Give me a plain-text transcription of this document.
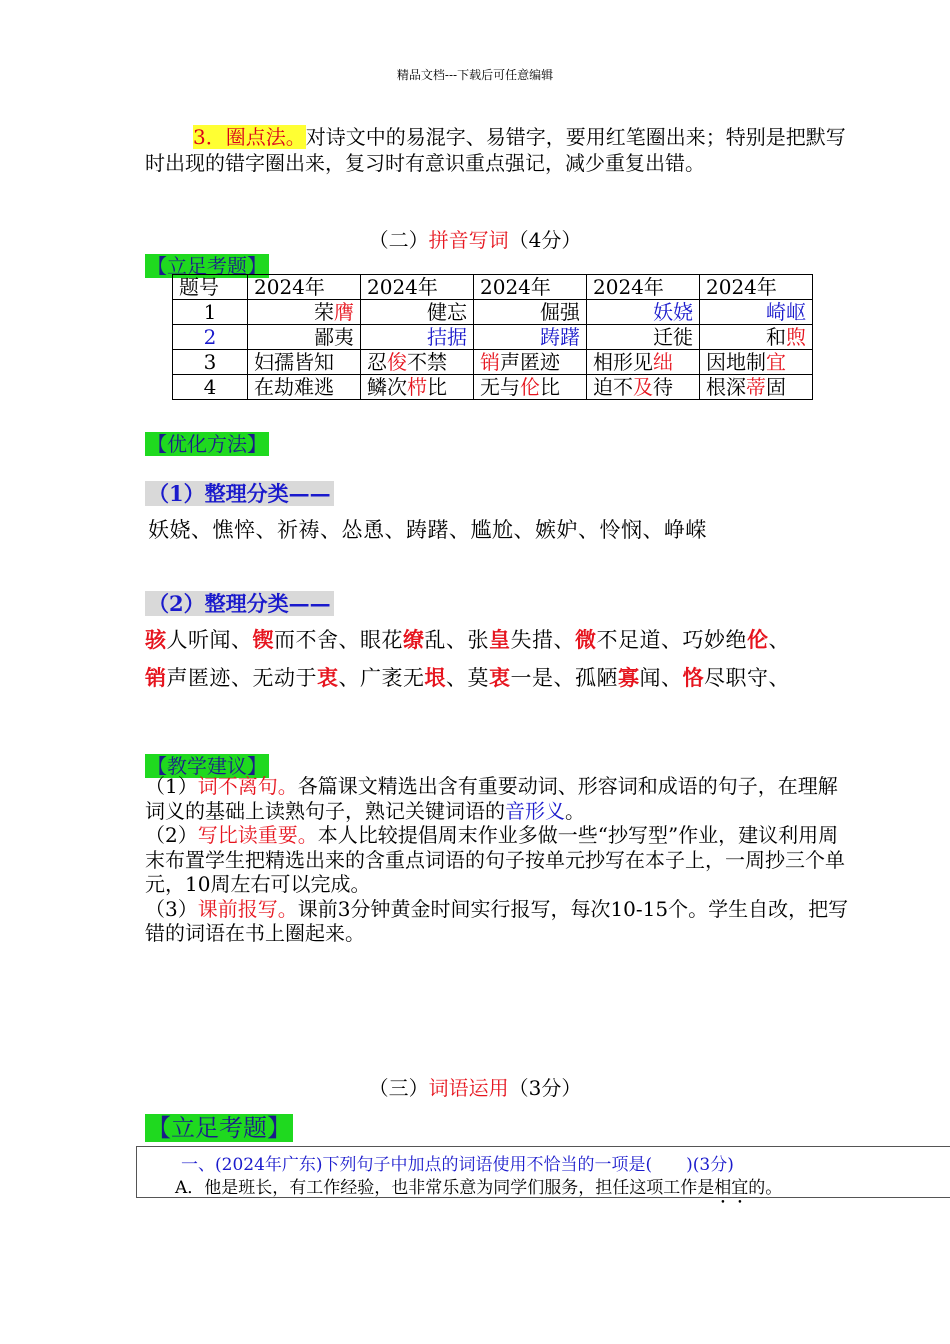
精品文档---下载后可任意编辑
3．圈点法。对诗文中的易混字、易错字，要用红笔圈出来；特别是把默写时出现的错字圈出来，复习时有意识重点强记，减少重复出错。
（二）拼音写词（4分）
【立足考题】
题号	2024年	2024年	2024年	2024年	2024年
1	荣膺	健忘	倔强	妖娆	崎岖
2	鄙夷	拮据	踌躇	迁徙	和煦
3	妇孺皆知	忍俊不禁	销声匿迹	相形见绌	因地制宜
4	在劫难逃	鳞次栉比	无与伦比	迫不及待	根深蒂固
【优化方法】
（1）整理分类——
妖娆、憔悴、祈祷、怂恿、踌躇、尴尬、嫉妒、怜悯、峥嵘
（2）整理分类——
骇人听闻、锲而不舍、眼花缭乱、张皇失措、微不足道、巧妙绝伦、
销声匿迹、无动于衷、广袤无垠、莫衷一是、孤陋寡闻、恪尽职守、
【教学建议】
（1）词不离句。各篇课文精选出含有重要动词、形容词和成语的句子，在理解词义的基础上读熟句子，熟记关键词语的音形义。
（2）写比读重要。本人比较提倡周末作业多做一些“抄写型”作业，建议利用周末布置学生把精选出来的含重点词语的句子按单元抄写在本子上，一周抄三个单元，10周左右可以完成。
（3）课前报写。课前3分钟黄金时间实行报写，每次10-15个。学生自改，把写错的词语在书上圈起来。
（三）词语运用（3分）
【立足考题】
一、(2024年广东)下列句子中加点的词语使用不恰当的一项是(　　)(3分)
A．他是班长，有工作经验，也非常乐意为同学们服务，担任这项工作是相宜的。
